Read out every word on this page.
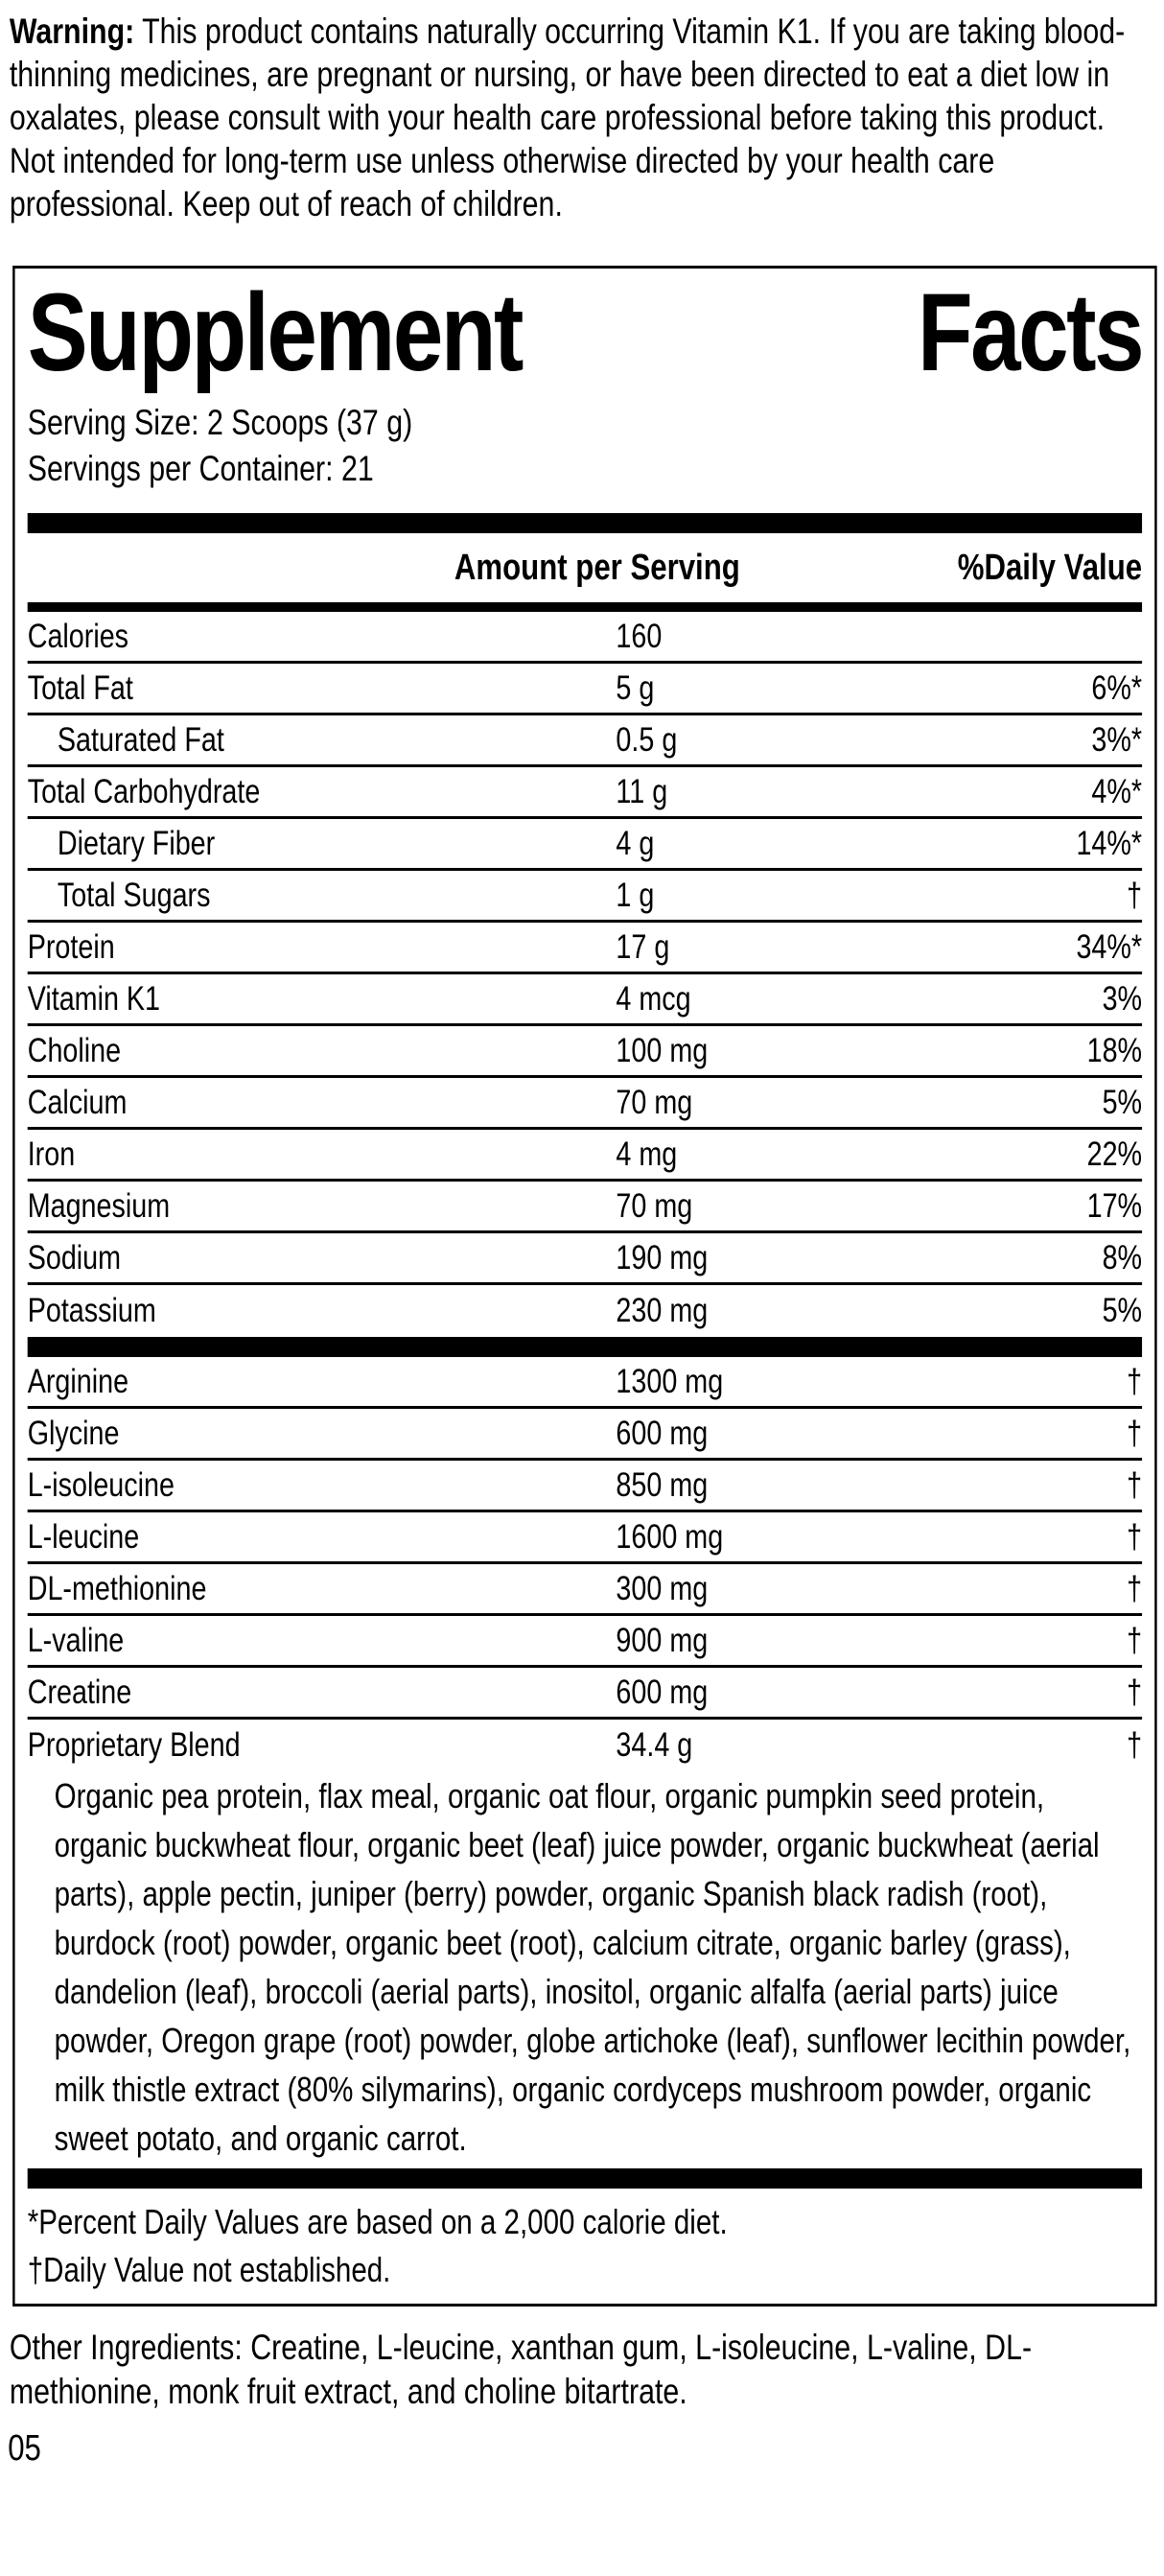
Warning: This product contains naturally occurring Vitamin K1. If you are taking blood-thinning medicines, are pregnant or nursing, or have been directed to eat a diet low in oxalates, please consult with your health care professional before taking this product. Not intended for long-term use unless otherwise directed by your health care professional. Keep out of reach of children.

Supplement	Facts

Serving Size: 2 Scoops (37 g)

Servings per Container: 21

Amount per Serving	%Daily Value
Calories	160
Total Fat	5 g	6%*
Saturated Fat	0.5 g	3%*
Total Carbohydrate	11 g	4%*
Dietary Fiber	4 g	14%*
Total Sugars	1 g	†
Protein	17 g	34%*
Vitamin K1	4 mcg	3%
Choline	100 mg	18%
Calcium	70 mg	5%
Iron	4 mg	22%
Magnesium	70 mg	17%
Sodium	190 mg	8%
Potassium	230 mg	5%
Arginine	1300 mg	†
Glycine	600 mg	†
L-isoleucine	850 mg	†
L-leucine	1600 mg	†
DL-methionine	300 mg	†
L-valine	900 mg	†
Creatine	600 mg	†
Proprietary Blend	34.4 g	†

Organic pea protein, flax meal, organic oat flour, organic pumpkin seed protein, organic buckwheat flour, organic beet (leaf) juice powder, organic buckwheat (aerial parts), apple pectin, juniper (berry) powder, organic Spanish black radish (root), burdock (root) powder, organic beet (root), calcium citrate, organic barley (grass), dandelion (leaf), broccoli (aerial parts), inositol, organic alfalfa (aerial parts) juice powder, Oregon grape (root) powder, globe artichoke (leaf), sunflower lecithin powder, milk thistle extract (80% silymarins), organic cordyceps mushroom powder, organic sweet potato, and organic carrot.

*Percent Daily Values are based on a 2,000 calorie diet.

†Daily Value not established.

Other Ingredients: Creatine, L-leucine, xanthan gum, L-isoleucine, L-valine, DL-methionine, monk fruit extract, and choline bitartrate.

05
